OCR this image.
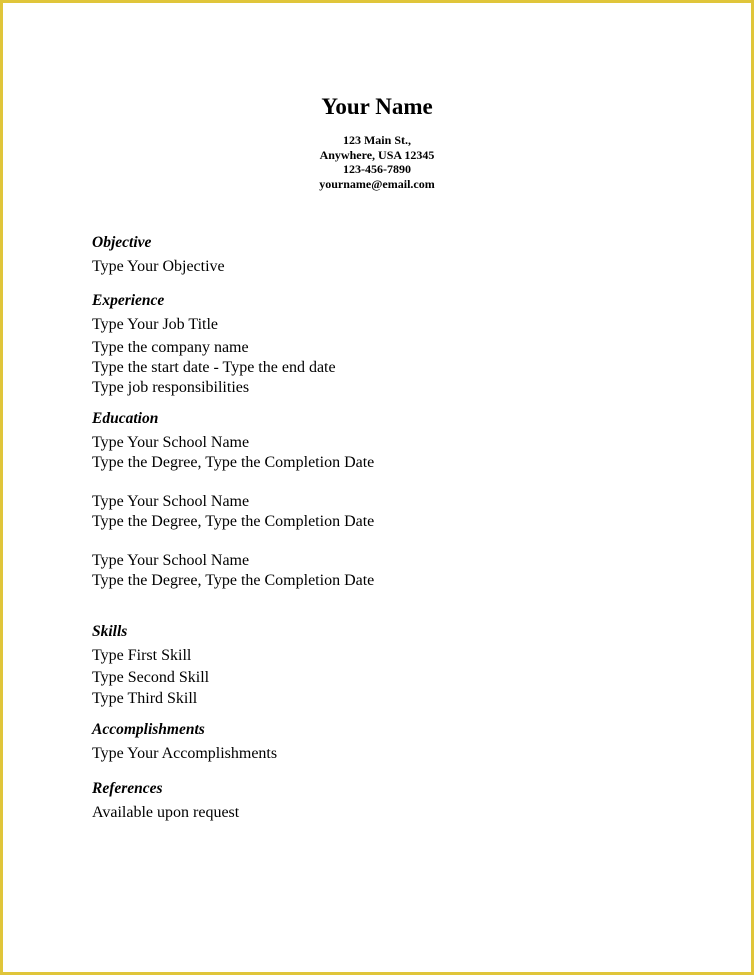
Your Name
123 Main St.,
Anywhere, USA 12345
123-456-7890
yourname@email.com
Objective
Type Your Objective
Experience
Type Your Job Title
Type the company name
Type the start date - Type the end date
Type job responsibilities
Education
Type Your School Name
Type the Degree, Type the Completion Date
Type Your School Name
Type the Degree, Type the Completion Date
Type Your School Name
Type the Degree, Type the Completion Date
Skills
Type First Skill
Type Second Skill
Type Third Skill
Accomplishments
Type Your Accomplishments
References
Available upon request
